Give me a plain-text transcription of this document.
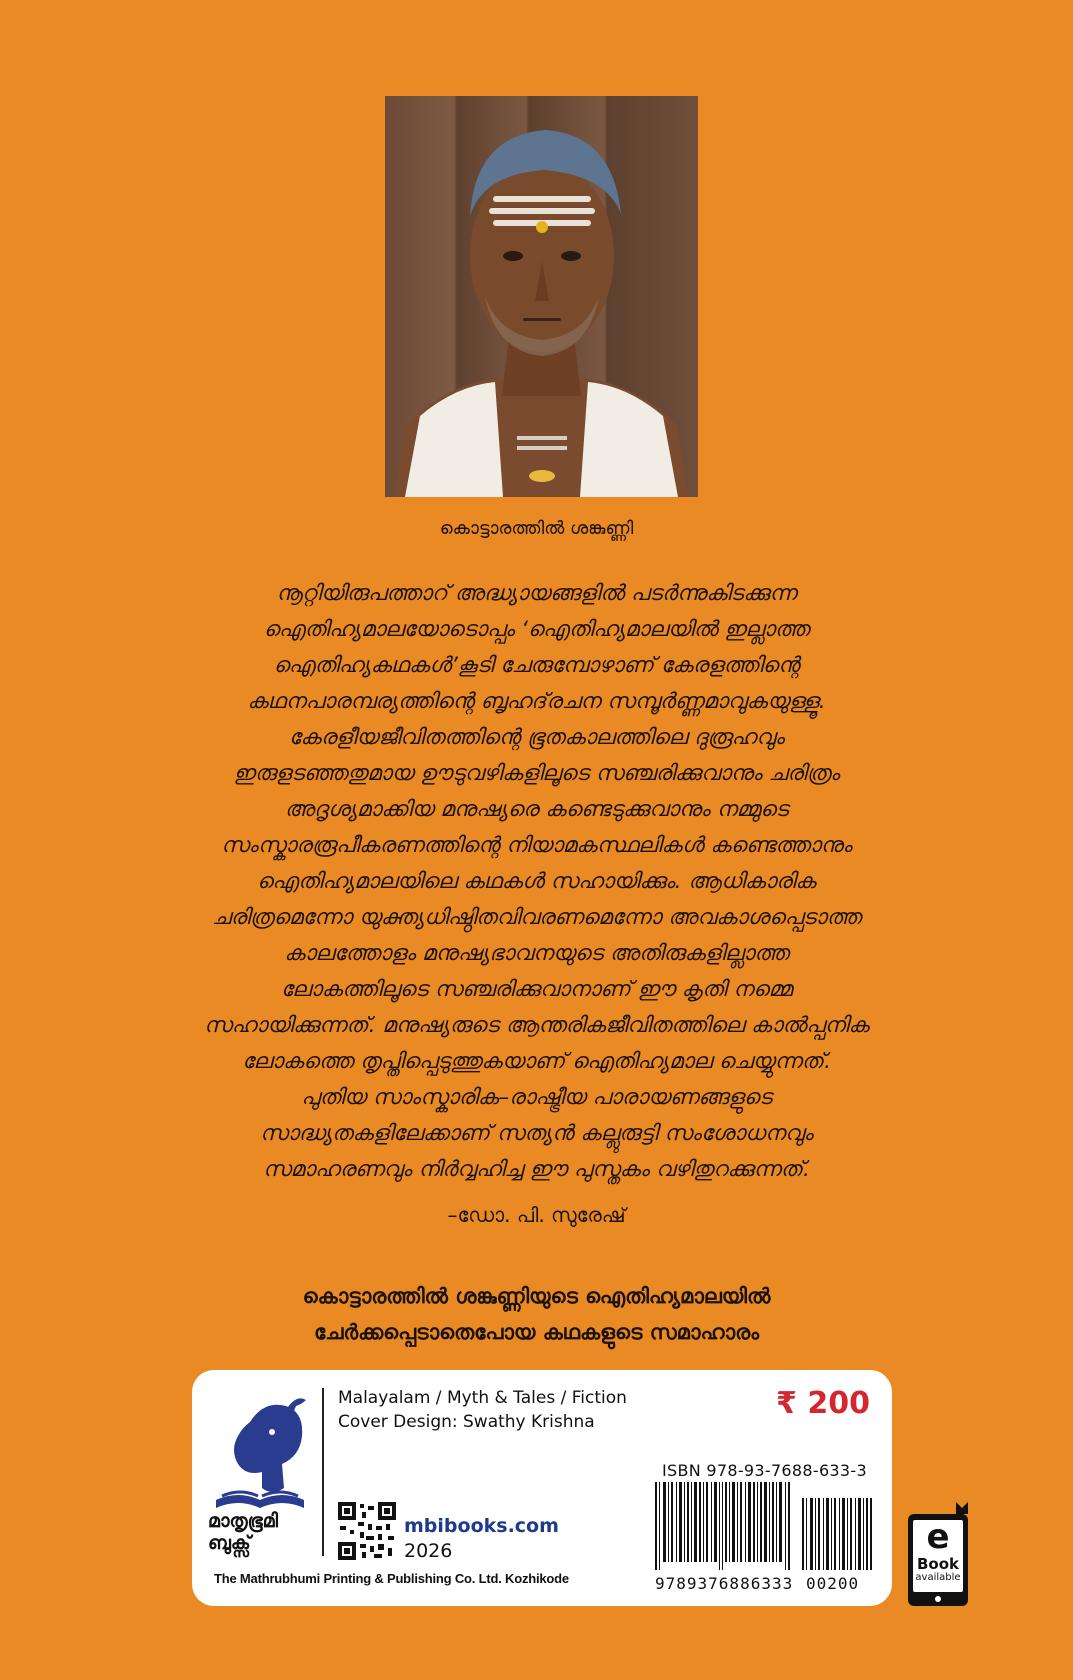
കൊട്ടാരത്തിൽ ശങ്കുണ്ണി
നൂറ്റിയിരുപത്താറ് അദ്ധ്യായങ്ങളിൽ പടർന്നുകിടക്കുന്ന
ഐതിഹ്യമാലയോടൊപ്പം ‘ഐതിഹ്യമാലയിൽ ഇല്ലാത്ത
ഐതിഹ്യകഥകൾ’കൂടി ചേരുമ്പോഴാണ് കേരളത്തിന്റെ
കഥനപാരമ്പര്യത്തിന്റെ ബൃഹദ്‌രചന സമ്പൂർണ്ണമാവുകയുള്ളൂ.
കേരളീയജീവിതത്തിന്റെ ഭൂതകാലത്തിലെ ദുരൂഹവും
ഇരുളടഞ്ഞതുമായ ഊടുവഴികളിലൂടെ സഞ്ചരിക്കുവാനും ചരിത്രം
അദൃശ്യമാക്കിയ മനുഷ്യരെ കണ്ടെടുക്കുവാനും നമ്മുടെ
സംസ്കാരരൂപീകരണത്തിന്റെ നിയാമകസ്ഥലികൾ കണ്ടെത്താനും
ഐതിഹ്യമാലയിലെ കഥകൾ സഹായിക്കും. ആധികാരിക
ചരിത്രമെന്നോ യുക്ത്യധിഷ്ഠിതവിവരണമെന്നോ അവകാശപ്പെടാത്ത
കാലത്തോളം മനുഷ്യഭാവനയുടെ അതിരുകളില്ലാത്ത
ലോകത്തിലൂടെ സഞ്ചരിക്കുവാനാണ് ഈ കൃതി നമ്മെ
സഹായിക്കുന്നത്. മനുഷ്യരുടെ ആന്തരികജീവിതത്തിലെ കാൽപ്പനിക
ലോകത്തെ തൃപ്തിപ്പെടുത്തുകയാണ് ഐതിഹ്യമാല ചെയ്യുന്നത്.
പുതിയ സാംസ്കാരിക–രാഷ്ട്രീയ പാരായണങ്ങളുടെ
സാദ്ധ്യതകളിലേക്കാണ് സത്യൻ കല്ലുരുട്ടി സംശോധനവും
സമാഹരണവും നിർവ്വഹിച്ച ഈ പുസ്തകം വഴിതുറക്കുന്നത്.
–ഡോ. പി. സുരേഷ്
കൊട്ടാരത്തിൽ ശങ്കുണ്ണിയുടെ ഐതിഹ്യമാലയിൽ
ചേർക്കപ്പെടാതെപോയ കഥകളുടെ സമാഹാരം
മാതൃഭൂമി
ബുക്സ്
The Mathrubhumi Printing & Publishing Co. Ltd. Kozhikode
Malayalam / Myth & Tales / Fiction
Cover Design: Swathy Krishna
₹ 200
mbibooks.com
2026
ISBN 978-93-7688-633-3
9789376886333 00200
e
Book
available
